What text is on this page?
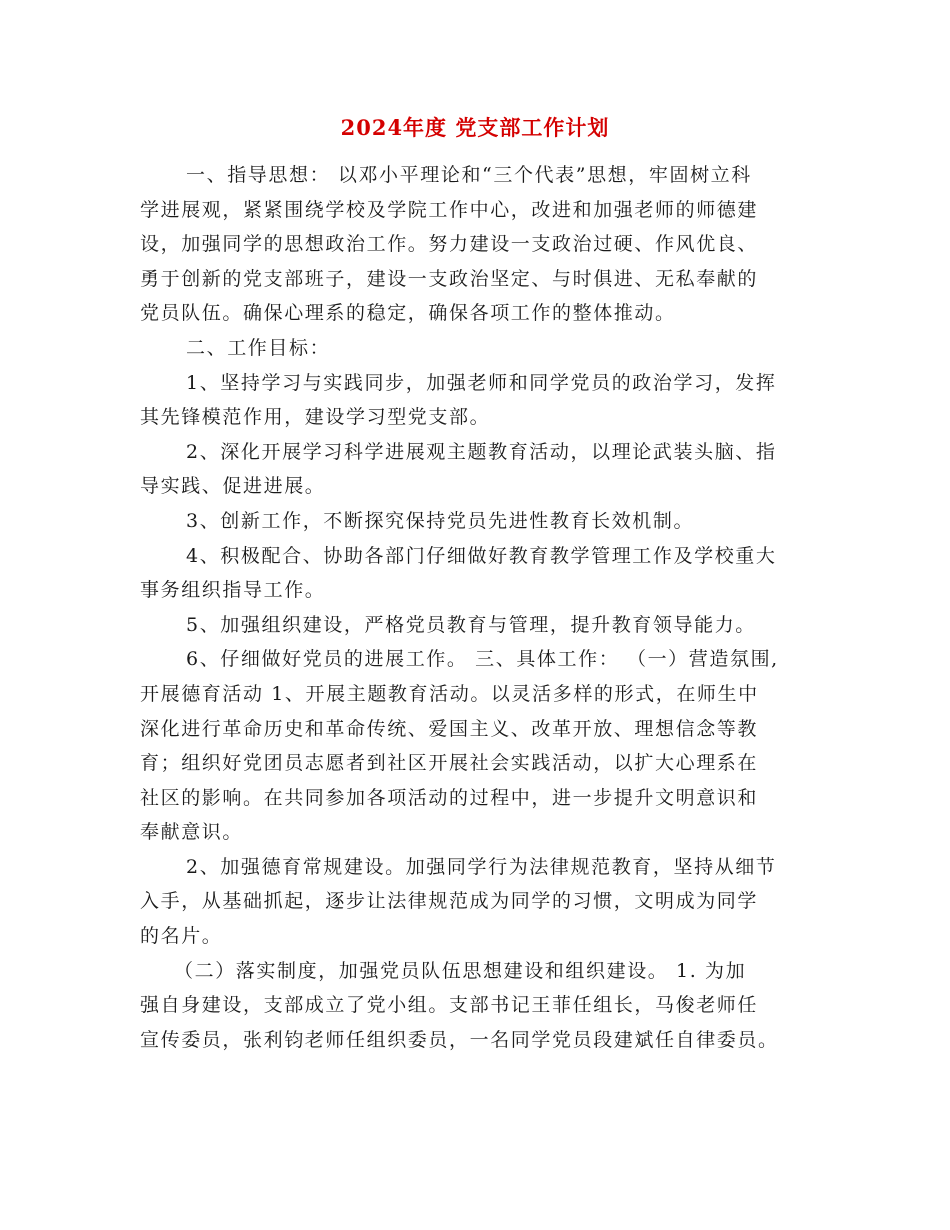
2024年度 党支部工作计划
一、指导思想： 以邓小平理论和“三个代表”思想，牢固树立科
学进展观，紧紧围绕学校及学院工作中心，改进和加强老师的师德建
设，加强同学的思想政治工作。努力建设一支政治过硬、作风优良、
勇于创新的党支部班子，建设一支政治坚定、与时俱进、无私奉献的
党员队伍。确保心理系的稳定，确保各项工作的整体推动。
二、工作目标：
1、坚持学习与实践同步，加强老师和同学党员的政治学习，发挥
其先锋模范作用，建设学习型党支部。
2、深化开展学习科学进展观主题教育活动，以理论武装头脑、指
导实践、促进进展。
3、创新工作，不断探究保持党员先进性教育长效机制。
4、积极配合、协助各部门仔细做好教育教学管理工作及学校重大
事务组织指导工作。
5、加强组织建设，严格党员教育与管理，提升教育领导能力。
6、仔细做好党员的进展工作。 三、具体工作： （一）营造氛围,
开展德育活动 1、开展主题教育活动。以灵活多样的形式，在师生中
深化进行革命历史和革命传统、爱国主义、改革开放、理想信念等教
育；组织好党团员志愿者到社区开展社会实践活动，以扩大心理系在
社区的影响。在共同参加各项活动的过程中，进一步提升文明意识和
奉献意识。
2、加强德育常规建设。加强同学行为法律规范教育，坚持从细节
入手，从基础抓起，逐步让法律规范成为同学的习惯，文明成为同学
的名片。
（二）落实制度，加强党员队伍思想建设和组织建设。 1. 为加
强自身建设，支部成立了党小组。支部书记王菲任组长，马俊老师任
宣传委员，张利钧老师任组织委员，一名同学党员段建斌任自律委员。
